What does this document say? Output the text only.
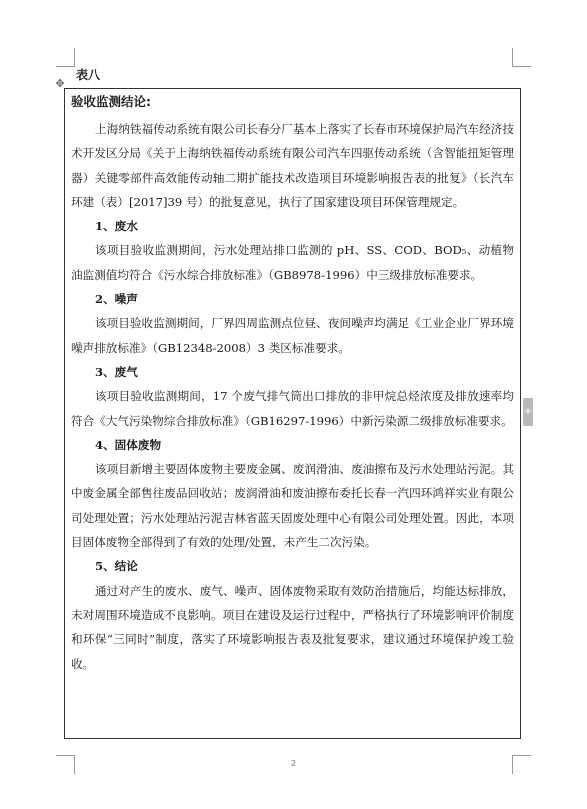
✥
表八
验收监测结论:

上海纳铁福传动系统有限公司长春分厂基本上落实了长春市环境保护局汽车经济技术开发区分局《关于上海纳铁福传动系统有限公司汽车四驱传动系统（含智能扭矩管理器）关键零部件高效能传动轴二期扩能技术改造项目环境影响报告表的批复》（长汽车环建（表）[2017]39 号）的批复意见，执行了国家建设项目环保管理规定。

1、废水

该项目验收监测期间，污水处理站排口监测的 pH、SS、COD、BOD₅、动植物油监测值均符合《污水综合排放标准》（GB8978-1996）中三级排放标准要求。

2、噪声

该项目验收监测期间，厂界四周监测点位昼、夜间噪声均满足《工业企业厂界环境噪声排放标准》（GB12348-2008）3 类区标准要求。

3、废气

该项目验收监测期间，17 个废气排气筒出口排放的非甲烷总烃浓度及排放速率均符合《大气污染物综合排放标准》（GB16297-1996）中新污染源二级排放标准要求。

4、固体废物

该项目新增主要固体废物主要废金属、废润滑油、废油擦布及污水处理站污泥。其中废金属全部售往废品回收站；废润滑油和废油擦布委托长春一汽四环鸿祥实业有限公司处理处置；污水处理站污泥吉林省蓝天固废处理中心有限公司处理处置。因此，本项目固体废物全部得到了有效的处理/处置，未产生二次污染。

5、结论

通过对产生的废水、废气、噪声、固体废物采取有效防治措施后，均能达标排放，未对周围环境造成不良影响。项目在建设及运行过程中，严格执行了环境影响评价制度和环保“三同时”制度，落实了环境影响报告表及批复要求，建议通过环境保护竣工验收。

+
2
